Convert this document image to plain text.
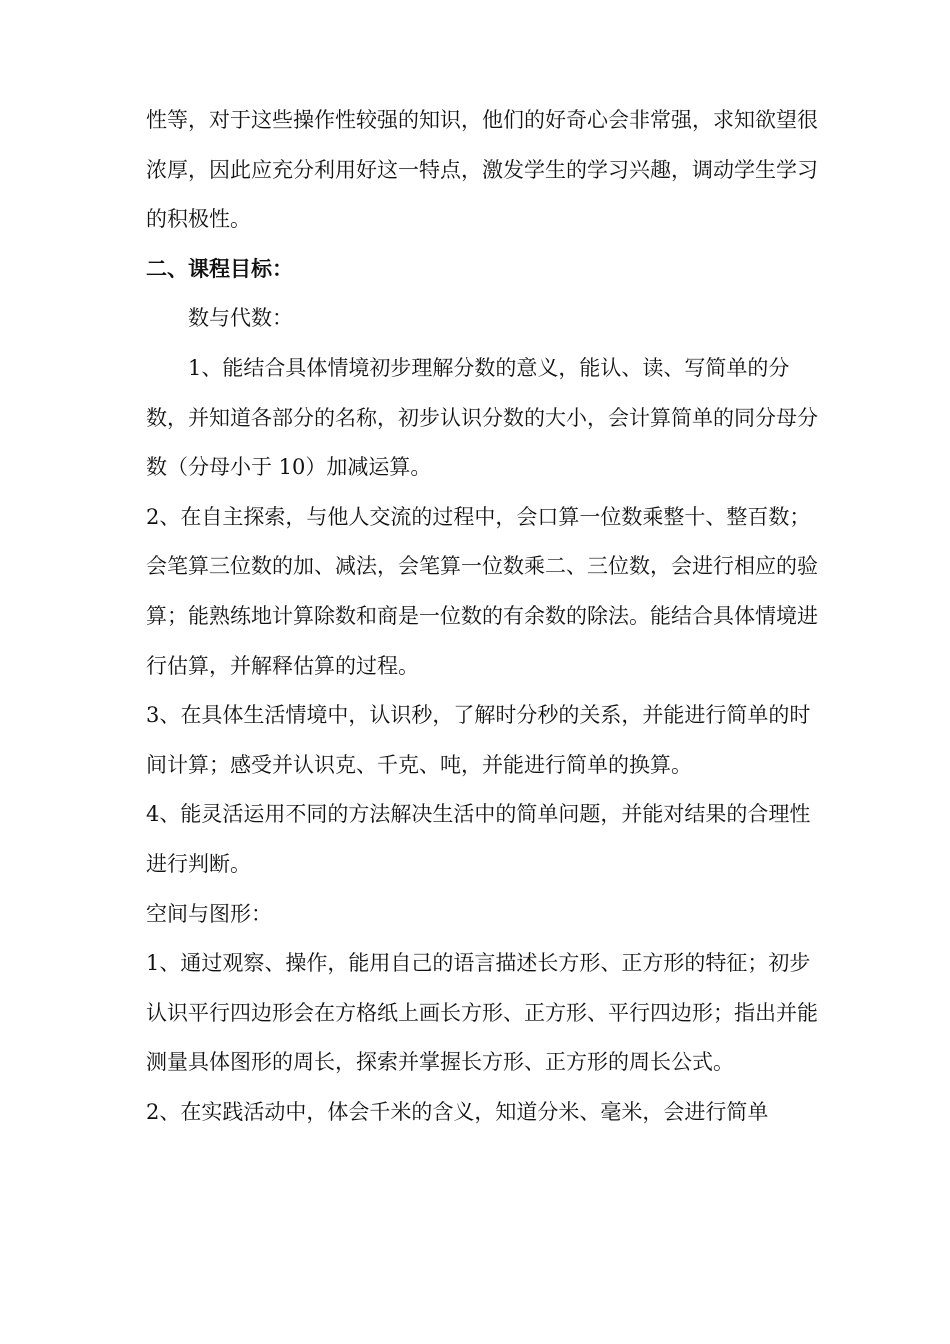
性等，对于这些操作性较强的知识，他们的好奇心会非常强，求知欲望很浓厚，因此应充分利用好这一特点，激发学生的学习兴趣，调动学生学习的积极性。

二、课程目标：

数与代数：

1、能结合具体情境初步理解分数的意义，能认、读、写简单的分数，并知道各部分的名称，初步认识分数的大小，会计算简单的同分母分数（分母小于 10）加减运算。

2、在自主探索，与他人交流的过程中，会口算一位数乘整十、整百数；会笔算三位数的加、减法，会笔算一位数乘二、三位数，会进行相应的验算；能熟练地计算除数和商是一位数的有余数的除法。能结合具体情境进行估算，并解释估算的过程。

3、在具体生活情境中，认识秒，了解时分秒的关系，并能进行简单的时间计算；感受并认识克、千克、吨，并能进行简单的换算。

4、能灵活运用不同的方法解决生活中的简单问题，并能对结果的合理性进行判断。

空间与图形：

1、通过观察、操作，能用自己的语言描述长方形、正方形的特征；初步认识平行四边形会在方格纸上画长方形、正方形、平行四边形；指出并能测量具体图形的周长，探索并掌握长方形、正方形的周长公式。

2、在实践活动中，体会千米的含义，知道分米、毫米，会进行简单
